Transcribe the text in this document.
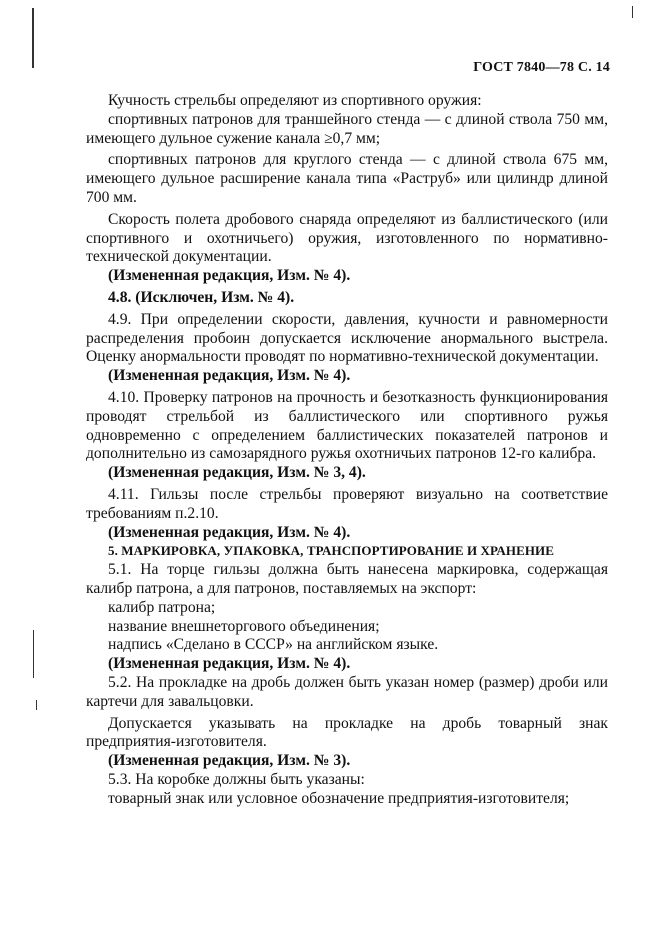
ГОСТ 7840—78 С. 14

Кучность стрельбы определяют из спортивного оружия:

спортивных патронов для траншейного стенда — с длиной ствола 750 мм, имеющего дульное сужение канала ≥0,7 мм;

спортивных патронов для круглого стенда — с длиной ствола 675 мм, имеющего дульное расширение канала типа «Раструб» или цилиндр длиной 700 мм.

Скорость полета дробового снаряда определяют из баллистического (или спортивного и охотничьего) оружия, изготовленного по нормативно-технической документации.

(Измененная редакция, Изм. № 4).

4.8. (Исключен, Изм. № 4).

4.9. При определении скорости, давления, кучности и равномерности распределения пробоин допускается исключение анормального выстрела. Оценку анормальности проводят по нормативно-технической документации.

(Измененная редакция, Изм. № 4).

4.10. Проверку патронов на прочность и безотказность функционирования проводят стрельбой из баллистического или спортивного ружья одновременно с определением баллистических показателей патронов и дополнительно из самозарядного ружья охотничьих патронов 12-го калибра.

(Измененная редакция, Изм. № 3, 4).

4.11. Гильзы после стрельбы проверяют визуально на соответствие требованиям п.2.10.

(Измененная редакция, Изм. № 4).

5. МАРКИРОВКА, УПАКОВКА, ТРАНСПОРТИРОВАНИЕ И ХРАНЕНИЕ

5.1. На торце гильзы должна быть нанесена маркировка, содержащая калибр патрона, а для патронов, поставляемых на экспорт:

калибр патрона;

название внешнеторгового объединения;

надпись «Сделано в СССР» на английском языке.

(Измененная редакция, Изм. № 4).

5.2. На прокладке на дробь должен быть указан номер (размер) дроби или картечи для завальцовки.

Допускается указывать на прокладке на дробь товарный знак предприятия-изготовителя.

(Измененная редакция, Изм. № 3).

5.3. На коробке должны быть указаны:

товарный знак или условное обозначение предприятия-изготовителя;
